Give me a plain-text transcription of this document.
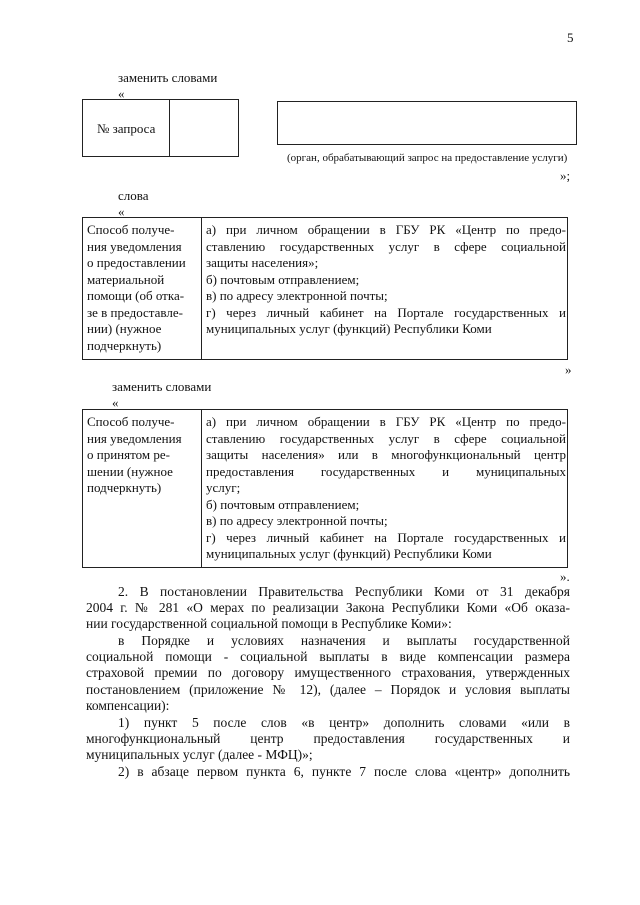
5
заменить словами
«
№ запроса
(орган, обрабатывающий запрос на предоставление услуги)
»;
слова
«
Способ получе-
ния уведомления
о предоставлении
материальной
помощи (об отка-
зе в предоставле-
нии) (нужное
подчеркнуть)
а) при личном обращении в ГБУ РК «Центр по предо-
ставлению государственных услуг в сфере социальной
защиты населения»;
б) почтовым отправлением;
в) по адресу электронной почты;
г) через личный кабинет на Портале государственных и
муниципальных услуг (функций) Республики Коми
»
заменить словами
«
Способ получе-
ния уведомления
о принятом ре-
шении (нужное
подчеркнуть)
а) при личном обращении в ГБУ РК «Центр по предо-
ставлению государственных услуг в сфере социальной
защиты населения» или в многофункциональный центр
предоставления государственных и муниципальных
услуг;
б) почтовым отправлением;
в) по адресу электронной почты;
г) через личный кабинет на Портале государственных и
муниципальных услуг (функций) Республики Коми
».
2. В постановлении Правительства Республики Коми от 31 декабря
2004 г. № 281 «О мерах по реализации Закона Республики Коми «Об оказа-
нии государственной социальной помощи в Республике Коми»:
в Порядке и условиях назначения и выплаты государственной
социальной помощи - социальной выплаты в виде компенсации размера
страховой премии по договору имущественного страхования, утвержденных
постановлением (приложение № 12), (далее – Порядок и условия выплаты
компенсации):
1) пункт 5 после слов «в центр» дополнить словами «или в
многофункциональный центр предоставления государственных и
муниципальных услуг (далее - МФЦ)»;
2) в абзаце первом пункта 6, пункте 7 после слова «центр» дополнить
